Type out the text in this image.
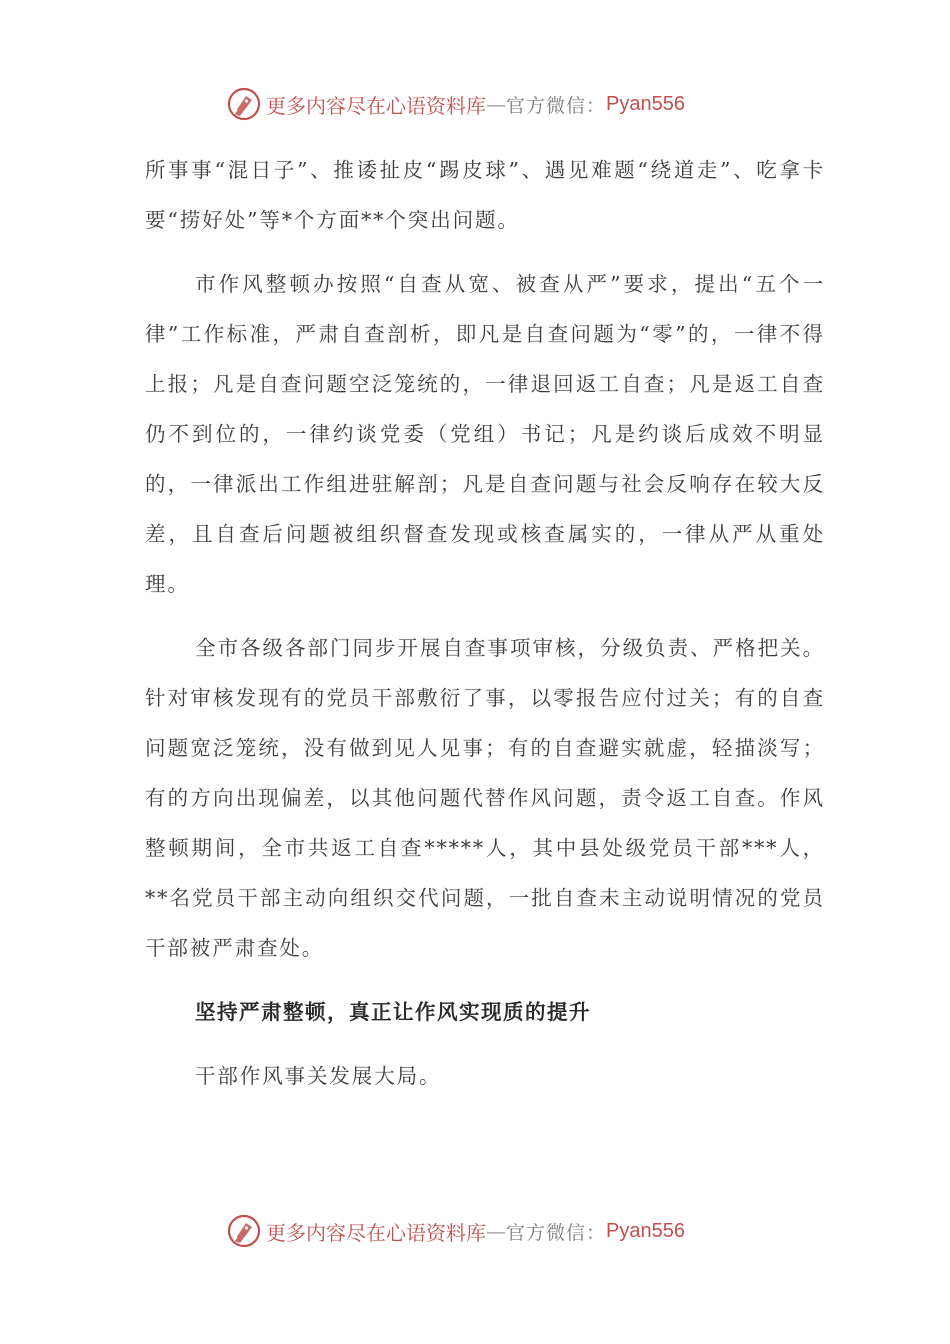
更多内容尽在心语资料库 — 官方微信： Pyan556

所事事“混日子”、推诿扯皮“踢皮球”、遇见难题“绕道走”、吃拿卡要“捞好处”等*个方面**个突出问题。

市作风整顿办按照“自查从宽、被查从严”要求，提出“五个一律”工作标准，严肃自查剖析，即凡是自查问题为“零”的，一律不得上报；凡是自查问题空泛笼统的，一律退回返工自查；凡是返工自查仍不到位的，一律约谈党委（党组）书记；凡是约谈后成效不明显的，一律派出工作组进驻解剖；凡是自查问题与社会反响存在较大反差，且自查后问题被组织督查发现或核查属实的，一律从严从重处理。

全市各级各部门同步开展自查事项审核，分级负责、严格把关。针对审核发现有的党员干部敷衍了事，以零报告应付过关；有的自查问题宽泛笼统，没有做到见人见事；有的自查避实就虚，轻描淡写；有的方向出现偏差，以其他问题代替作风问题，责令返工自查。作风整顿期间，全市共返工自查*****人，其中县处级党员干部***人，**名党员干部主动向组织交代问题，一批自查未主动说明情况的党员干部被严肃查处。

坚持严肃整顿，真正让作风实现质的提升

干部作风事关发展大局。

更多内容尽在心语资料库 — 官方微信： Pyan556
